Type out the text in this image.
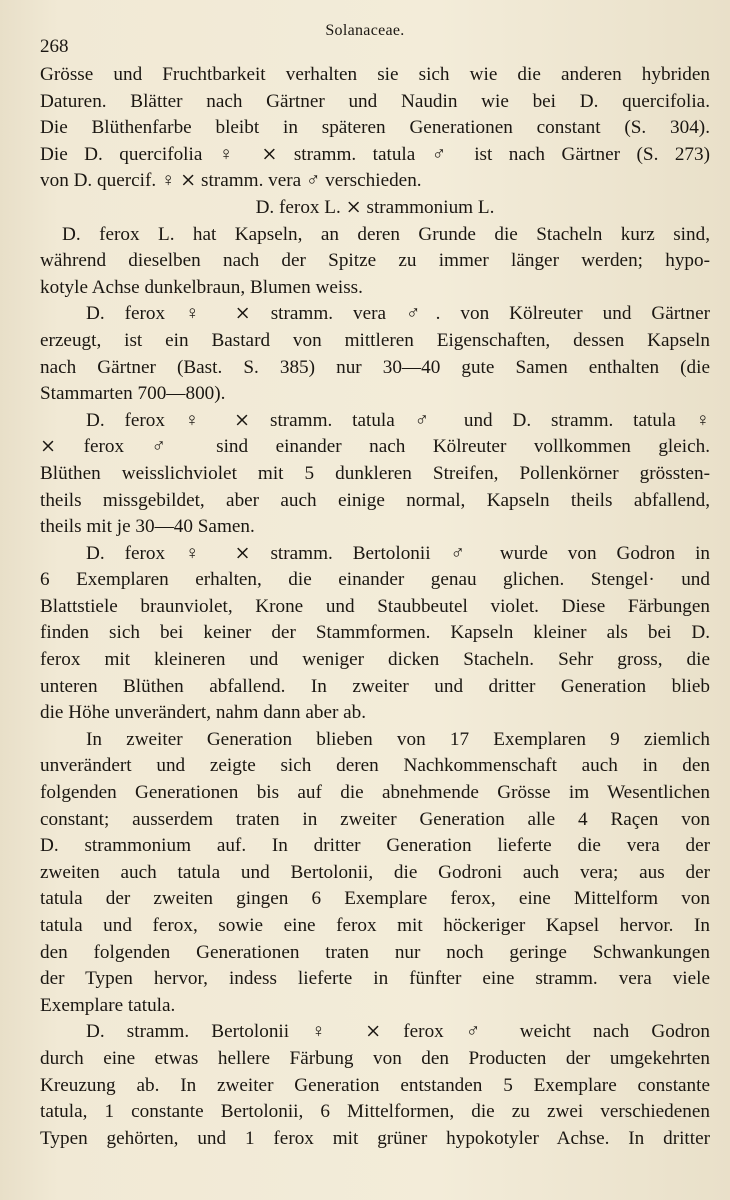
Solanaceae.
268
Grösse und Fruchtbarkeit verhalten sie sich wie die anderen hybriden
Daturen. Blätter nach Gärtner und Naudin wie bei D. quercifolia.
Die Blüthenfarbe bleibt in späteren Generationen constant (S. 304).
Die D. quercifolia ♀ ⨯ stramm. tatula ♂ ist nach Gärtner (S. 273)
von D. quercif. ♀ ⨯ stramm. vera ♂ verschieden.
D. ferox L. ⨯ strammonium L.
D. ferox L. hat Kapseln, an deren Grunde die Stacheln kurz sind,
während dieselben nach der Spitze zu immer länger werden; hypo-
kotyle Achse dunkelbraun, Blumen weiss.
D. ferox ♀ ⨯ stramm. vera ♂. von Kölreuter und Gärtner
erzeugt, ist ein Bastard von mittleren Eigenschaften, dessen Kapseln
nach Gärtner (Bast. S. 385) nur 30—40 gute Samen enthalten (die
Stammarten 700—800).
D. ferox ♀ ⨯ stramm. tatula ♂ und D. stramm. tatula ♀
⨯ ferox ♂ sind einander nach Kölreuter vollkommen gleich.
Blüthen weisslichviolet mit 5 dunkleren Streifen, Pollenkörner grössten-
theils missgebildet, aber auch einige normal, Kapseln theils abfallend,
theils mit je 30—40 Samen.
D. ferox ♀ ⨯ stramm. Bertolonii ♂ wurde von Godron in
6 Exemplaren erhalten, die einander genau glichen. Stengel· und
Blattstiele braunviolet, Krone und Staubbeutel violet. Diese Färbungen
finden sich bei keiner der Stammformen. Kapseln kleiner als bei D.
ferox mit kleineren und weniger dicken Stacheln. Sehr gross, die
unteren Blüthen abfallend. In zweiter und dritter Generation blieb
die Höhe unverändert, nahm dann aber ab.
In zweiter Generation blieben von 17 Exemplaren 9 ziemlich
unverändert und zeigte sich deren Nachkommenschaft auch in den
folgenden Generationen bis auf die abnehmende Grösse im Wesentlichen
constant; ausserdem traten in zweiter Generation alle 4 Raçen von
D. strammonium auf. In dritter Generation lieferte die vera der
zweiten auch tatula und Bertolonii, die Godroni auch vera; aus der
tatula der zweiten gingen 6 Exemplare ferox, eine Mittelform von
tatula und ferox, sowie eine ferox mit höckeriger Kapsel hervor. In
den folgenden Generationen traten nur noch geringe Schwankungen
der Typen hervor, indess lieferte in fünfter eine stramm. vera viele
Exemplare tatula.
D. stramm. Bertolonii ♀ ⨯ ferox ♂ weicht nach Godron
durch eine etwas hellere Färbung von den Producten der umgekehrten
Kreuzung ab. In zweiter Generation entstanden 5 Exemplare constante
tatula, 1 constante Bertolonii, 6 Mittelformen, die zu zwei verschiedenen
Typen gehörten, und 1 ferox mit grüner hypokotyler Achse. In dritter
